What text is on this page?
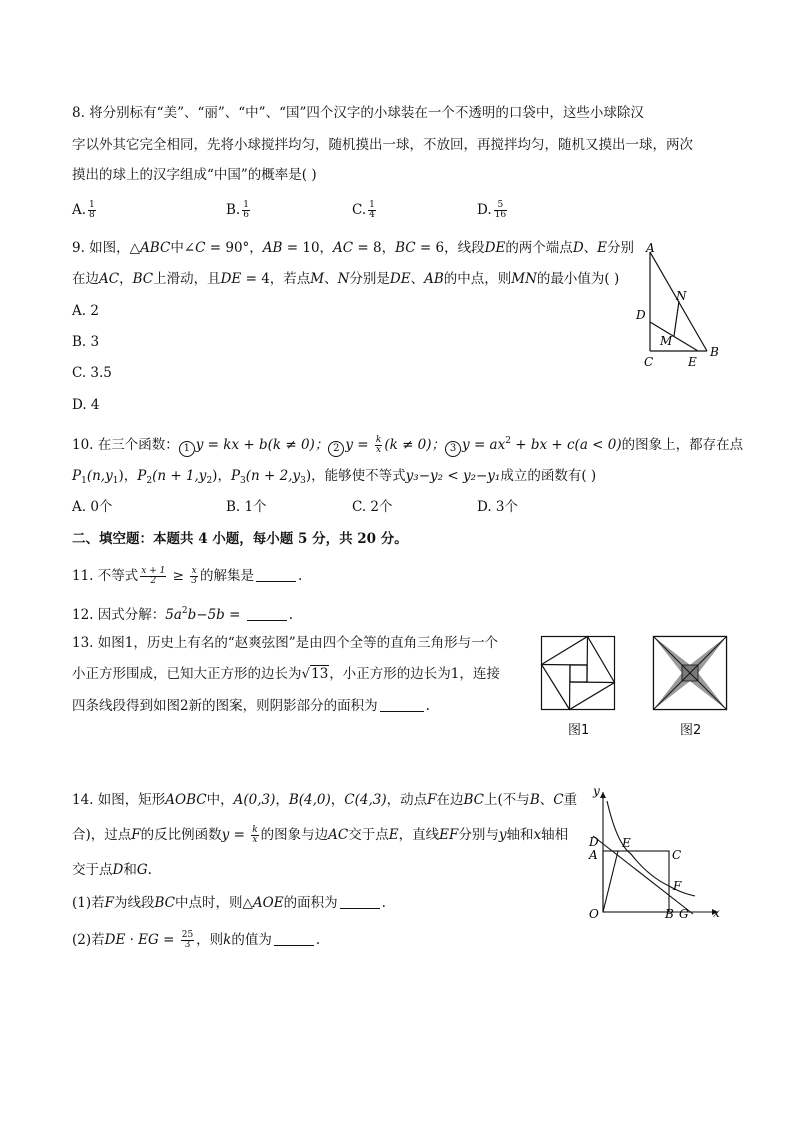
8. 将分别标有“美”、“丽”、“中”、“国”四个汉字的小球装在一个不透明的口袋中，这些小球除汉
字以外其它完全相同，先将小球搅拌均匀，随机摸出一球，不放回，再搅拌均匀，随机又摸出一球，两次
摸出的球上的汉字组成“中国”的概率是( )
A. $\frac{1}{8}$	B. $\frac{1}{6}$	C. $\frac{1}{4}$	D. $\frac{5}{16}$
9. 如图，△ABC中∠C = 90°，AB = 10，AC = 8，BC = 6，线段DE的两个端点D、E分别
在边AC，BC上滑动，且DE = 4，若点M、N分别是DE、AB的中点，则MN的最小值为( )
A. 2
B. 3
C. 3.5
D. 4
A
N
D
M
C	E
B
10. 在三个函数： 1 y = kx + b(k ≠ 0)； 2 $y = \frac{k}{x} (k \ne 0)$； 3 $y = ax^2$ + bx + c(a < 0)的图象上，都存在点
$P_1(n,y_1)$，$P_2(n + 1,y_2)$，$P_3(n + 2,y_3)$，能够使不等式y₃−y₂ < y₂−y₁成立的函数有( )
A. 0个	B. 1个	C. 2个	D. 3个
二、填空题：本题共 4 小题，每小题 5 分，共 20 分。
11. 不等式 $\frac{x + 1}{2} \ge \frac{x}{3}$ 的解集是	.
12. 因式分解：$5a^2b-5b$ =	.
13. 如图1，历史上有名的“赵爽弦图”是由四个全等的直角三角形与一个
小正方形围成，已知大正方形的边长为√13，小正方形的边长为1，连接
四条线段得到如图2新的图案，则阴影部分的面积为	.
图1	图2
14. 如图，矩形AOBC中，A(0,3)，B(4,0)，C(4,3)，动点F在边BC上(不与B、C重
合)，过点F的反比例函数$y = \frac{k}{x}$ 的图象与边AC交于点E，直线EF分别与y轴和x轴相
交于点D和G.
(1)若F为线段BC中点时，则△AOE的面积为	.
(2)若DE · EG = $\frac{25}{3}$ ，则k的值为	.
y
x
D
A
E
C
F
O	B G
